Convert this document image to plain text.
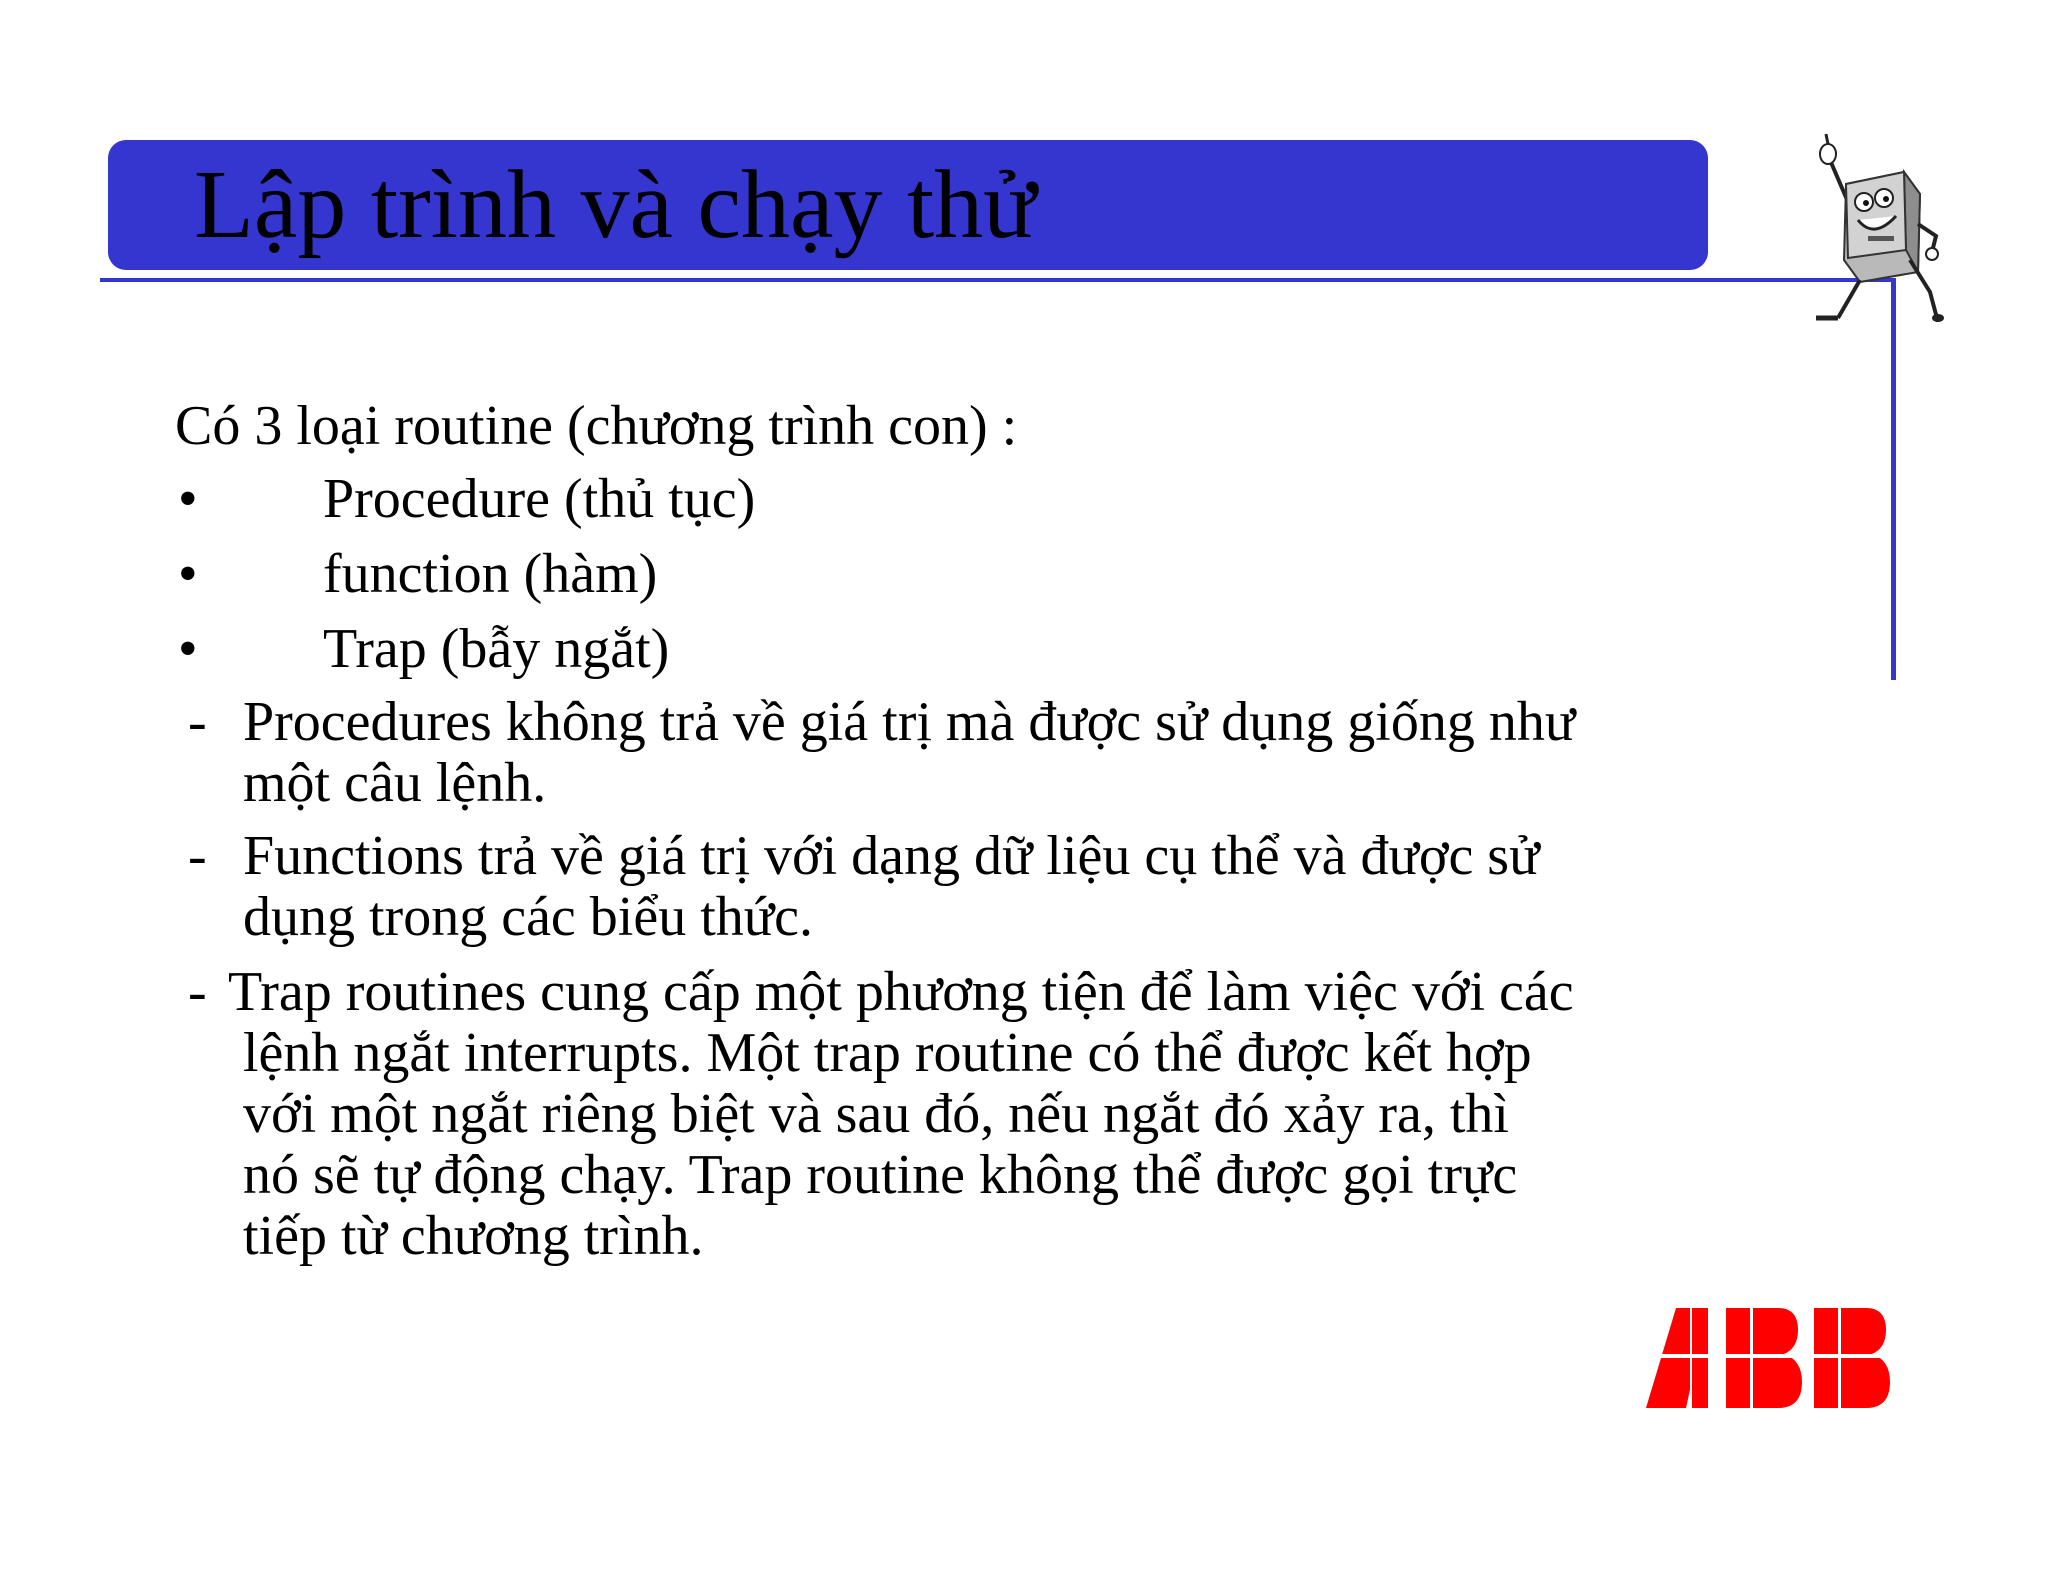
Lập trình và chạy thử
Có 3 loại routine (chương trình con) :
• Procedure (thủ tục)
• function (hàm)
• Trap (bẫy ngắt)
- Procedures không trả về giá trị mà được sử dụng giống như
một câu lệnh.
- Functions trả về giá trị với dạng dữ liệu cụ thể và được sử
dụng trong các biểu thức.
- Trap routines cung cấp một phương tiện để làm việc với các
lệnh ngắt interrupts. Một trap routine có thể được kết hợp
với một ngắt riêng biệt và sau đó, nếu ngắt đó xảy ra, thì
nó sẽ tự động chạy. Trap routine không thể được gọi trực
tiếp từ chương trình.
